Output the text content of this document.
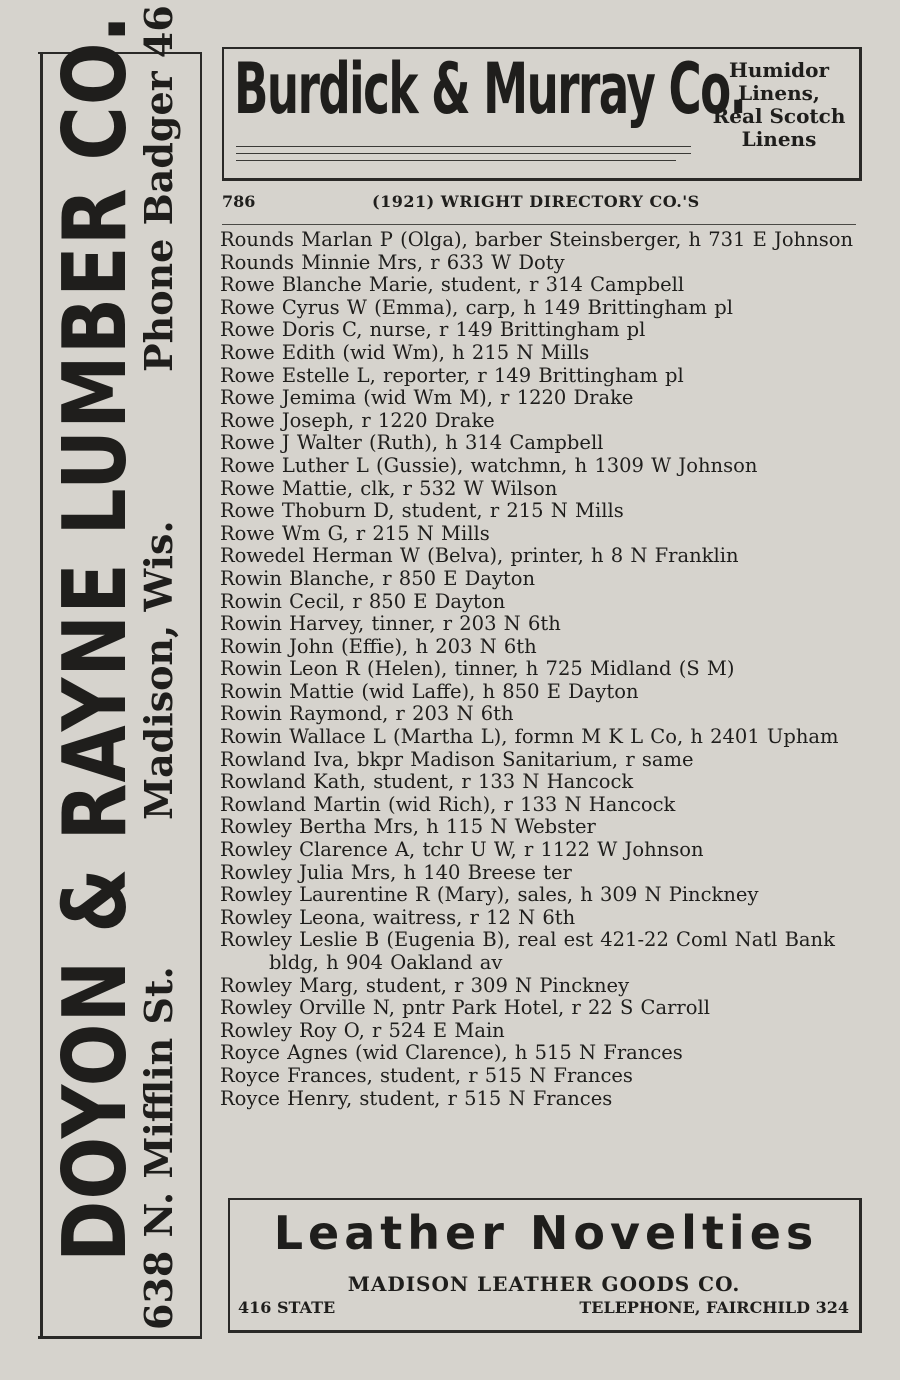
DOYON & RAYNE LUMBER CO.
Phone Badger 46
Madison, Wis.
638 N. Mifflin St.
Burdick & Murray Co.
Humidor
Linens,
Real Scotch
Linens
786	(1921) WRIGHT DIRECTORY CO.'S
Rounds Marlan P (Olga), barber Steinsberger, h 731 E Johnson
Rounds Minnie Mrs, r 633 W Doty
Rowe Blanche Marie, student, r 314 Campbell
Rowe Cyrus W (Emma), carp, h 149 Brittingham pl
Rowe Doris C, nurse, r 149 Brittingham pl
Rowe Edith (wid Wm), h 215 N Mills
Rowe Estelle L, reporter, r 149 Brittingham pl
Rowe Jemima (wid Wm M), r 1220 Drake
Rowe Joseph, r 1220 Drake
Rowe J Walter (Ruth), h 314 Campbell
Rowe Luther L (Gussie), watchmn, h 1309 W Johnson
Rowe Mattie, clk, r 532 W Wilson
Rowe Thoburn D, student, r 215 N Mills
Rowe Wm G, r 215 N Mills
Rowedel Herman W (Belva), printer, h 8 N Franklin
Rowin Blanche, r 850 E Dayton
Rowin Cecil, r 850 E Dayton
Rowin Harvey, tinner, r 203 N 6th
Rowin John (Effie), h 203 N 6th
Rowin Leon R (Helen), tinner, h 725 Midland (S M)
Rowin Mattie (wid Laffe), h 850 E Dayton
Rowin Raymond, r 203 N 6th
Rowin Wallace L (Martha L), formn M K L Co, h 2401 Upham
Rowland Iva, bkpr Madison Sanitarium, r same
Rowland Kath, student, r 133 N Hancock
Rowland Martin (wid Rich), r 133 N Hancock
Rowley Bertha Mrs, h 115 N Webster
Rowley Clarence A, tchr U W, r 1122 W Johnson
Rowley Julia Mrs, h 140 Breese ter
Rowley Laurentine R (Mary), sales, h 309 N Pinckney
Rowley Leona, waitress, r 12 N 6th
Rowley Leslie B (Eugenia B), real est 421-22 Coml Natl Bank bldg, h 904 Oakland av
Rowley Marg, student, r 309 N Pinckney
Rowley Orville N, pntr Park Hotel, r 22 S Carroll
Rowley Roy O, r 524 E Main
Royce Agnes (wid Clarence), h 515 N Frances
Royce Frances, student, r 515 N Frances
Royce Henry, student, r 515 N Frances
Leather Novelties
MADISON LEATHER GOODS CO.
416 STATE	TELEPHONE, FAIRCHILD 324
